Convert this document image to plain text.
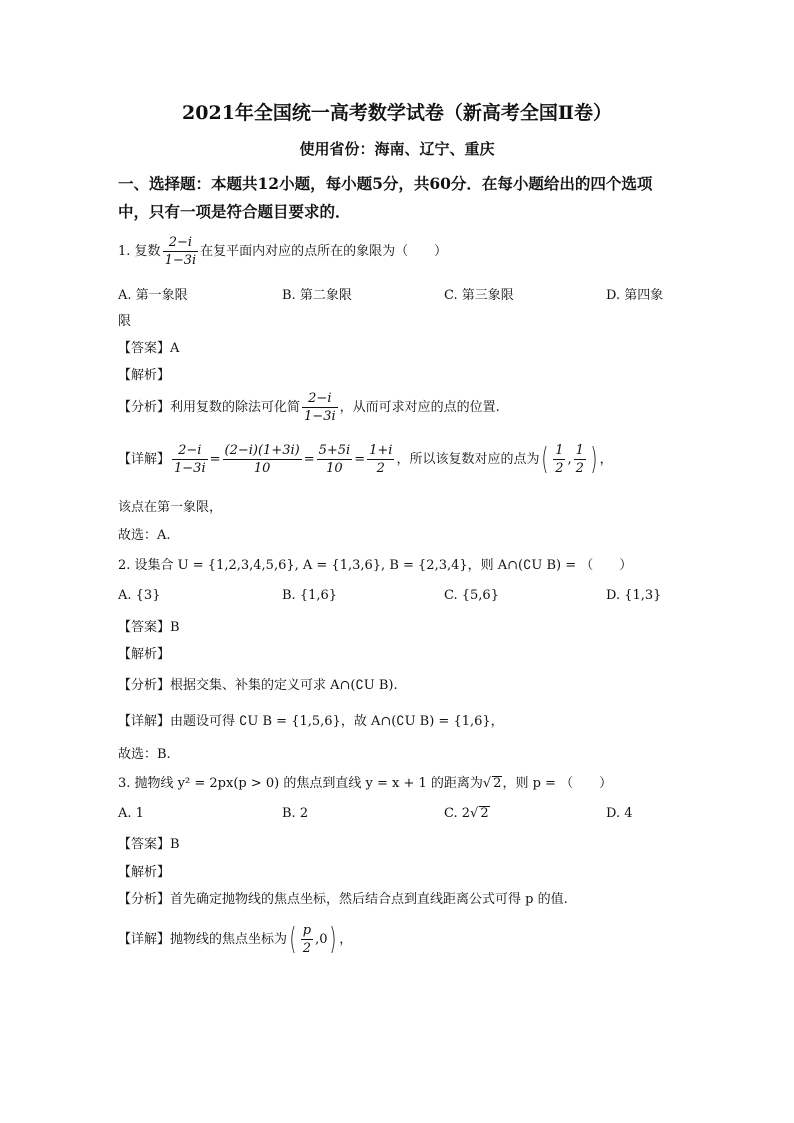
2021年全国统一高考数学试卷（新高考全国Ⅱ卷）
使用省份：海南、辽宁、重庆
一、选择题：本题共12小题，每小题5分，共60分．在每小题给出的四个选项
中，只有一项是符合题目要求的．
1. 复数 $\frac{2-i}{1-3i}$ 在复平面内对应的点所在的象限为（　　）
A. 第一象限	B. 第二象限	C. 第三象限	D. 第四象
限
【答案】A
【解析】
【分析】利用复数的除法可化简 $\frac{2-i}{1-3i}$ ，从而可求对应的点的位置.
【详解】 $\frac{2-i}{1-3i} = \frac{(2-i)(1+3i)}{10} = \frac{5+5i}{10} = \frac{1+i}{2}$ ，所以该复数对应的点为( $\frac{1}{2}$ , $\frac{1}{2}$ ) ，
该点在第一象限，
故选：A.
2. 设集合 U = {1,2,3,4,5,6}, A = {1,3,6}, B = {2,3,4}，则 A∩(∁U B) = （　　）
A. {3}	B. {1,6}	C. {5,6}	D. {1,3}
【答案】B
【解析】
【分析】根据交集、补集的定义可求 A∩(∁U B).
【详解】由题设可得 ∁U B = {1,5,6}，故 A∩(∁U B) = {1,6}，
故选：B.
3. 抛物线 y² = 2px(p > 0) 的焦点到直线 y = x + 1 的距离为√ 2，则 p = （　　）
A. 1	B. 2	C. 2√ 2	D. 4
【答案】B
【解析】
【分析】首先确定抛物线的焦点坐标，然后结合点到直线距离公式可得 p 的值.
【详解】抛物线的焦点坐标为( $\frac{p}{2} ,0$) ，
